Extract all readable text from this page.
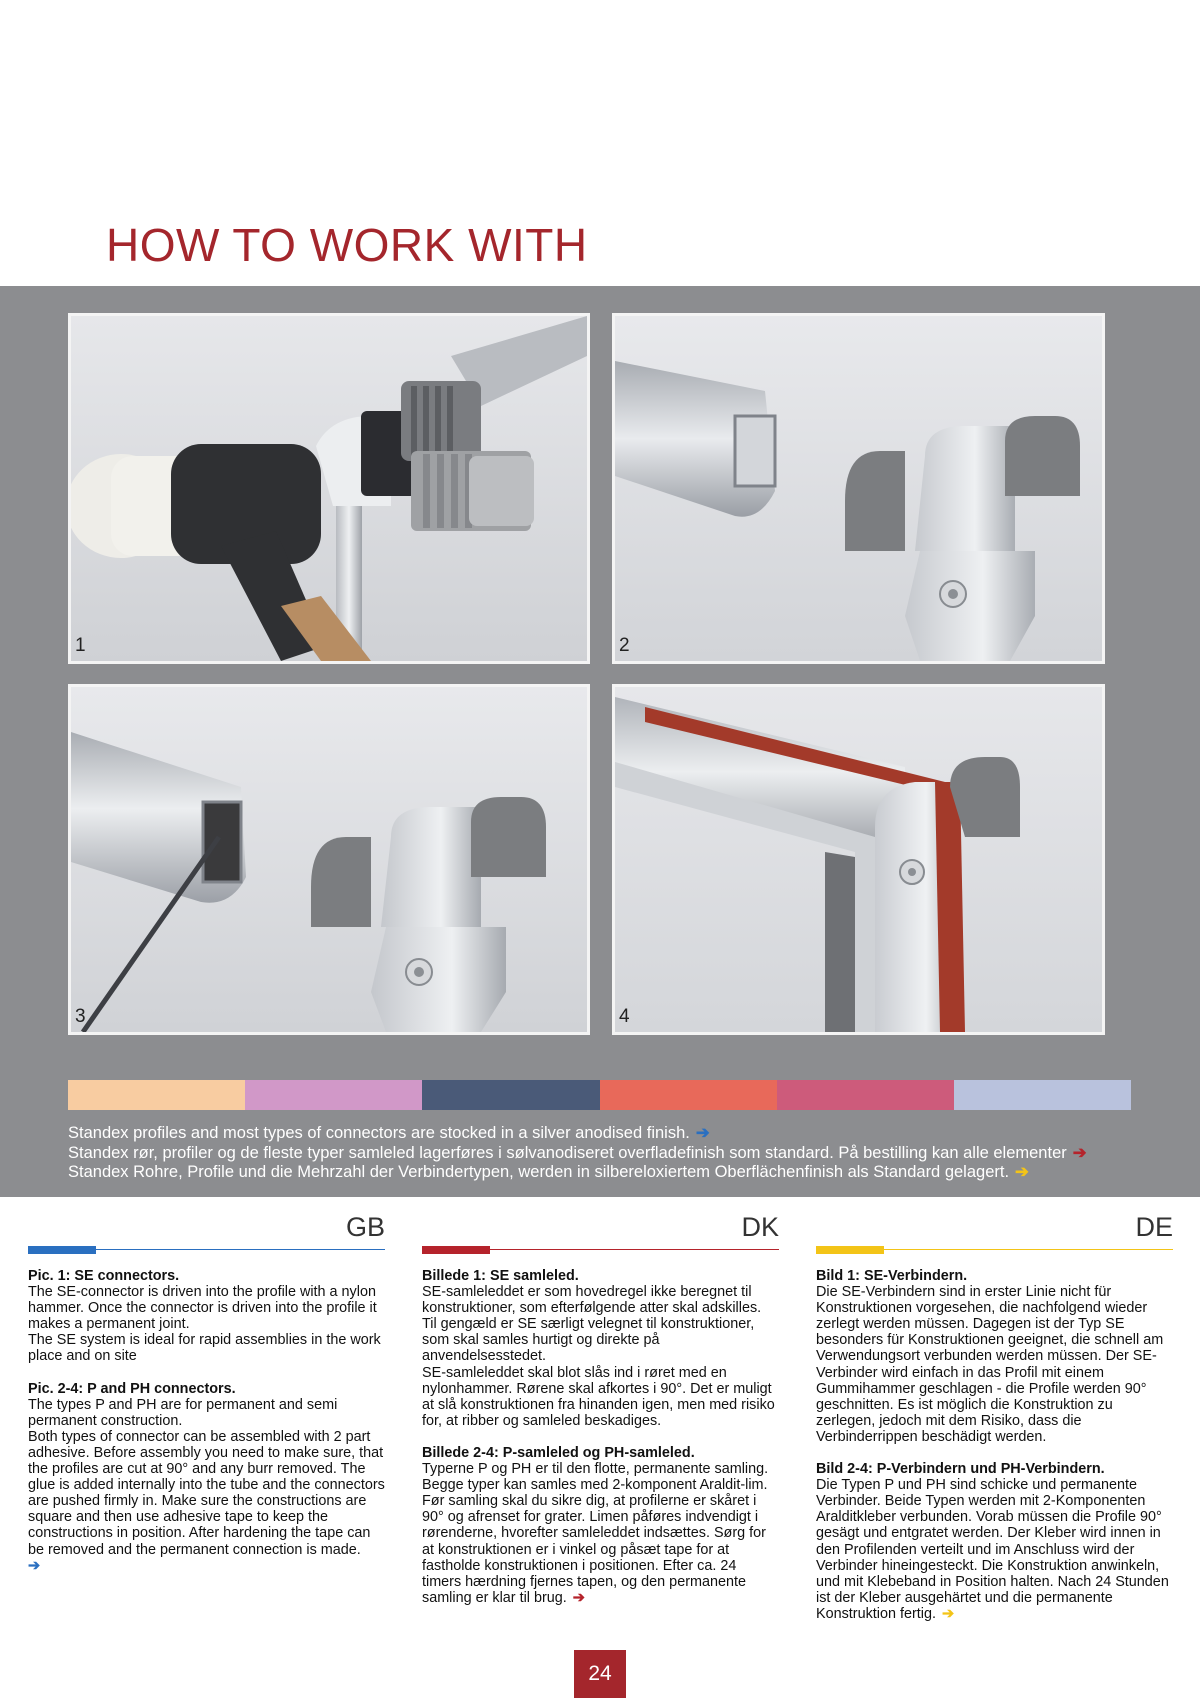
HOW TO WORK WITH
1	2
3	4
Standex profiles and most types of connectors are stocked in a silver anodised finish. ➔
Standex rør, profiler og de fleste typer samleled lagerføres i sølvanodiseret overfladefinish som standard. På bestilling kan alle elementer ➔
Standex Rohre, Profile und die Mehrzahl der Verbindertypen, werden in silbereloxiertem Oberflächenfinish als Standard gelagert. ➔
GB

Pic. 1: SE connectors.
The SE-connector is driven into the profile with a nylon hammer. Once the connector is driven into the profile it makes a permanent joint.
The SE system is ideal for rapid assemblies in the work place and on site

Pic. 2-4: P and PH connectors.
The types P and PH are for permanent and semi permanent construction.
Both types of connector can be assembled with 2 part adhesive. Before assembly you need to make sure, that the profiles are cut at 90° and any burr removed. The glue is added internally into the tube and the connectors are pushed firmly in. Make sure the constructions are square and then use adhesive tape to keep the constructions in position. After hardening the tape can be removed and the permanent connection is made.
➔

DK

Billede 1: SE samleled.
SE-samleleddet er som hovedregel ikke beregnet til konstruktioner, som efterfølgende atter skal adskilles. Til gengæld er SE særligt velegnet til konstruktioner, som skal samles hurtigt og direkte på anvendelsesstedet.
SE-samleleddet skal blot slås ind i røret med en nylonhammer. Rørene skal afkortes i 90°. Det er muligt at slå konstruktionen fra hinanden igen, men med risiko for, at ribber og samleled beskadiges.

Billede 2-4: P-samleled og PH-samleled.
Typerne P og PH er til den flotte, permanente samling. Begge typer kan samles med 2-komponent Araldit-lim. Før samling skal du sikre dig, at profilerne er skåret i 90° og afrenset for grater. Limen påføres indvendigt i rørenderne, hvorefter samleleddet indsættes. Sørg for at konstruktionen er i vinkel og påsæt tape for at fastholde konstruktionen i positionen. Efter ca. 24 timers hærdning fjernes tapen, og den permanente samling er klar til brug. ➔

DE

Bild 1: SE-Verbindern.
Die SE-Verbindern sind in erster Linie nicht für Konstruktionen vorgesehen, die nachfolgend wieder zerlegt werden müssen. Dagegen ist der Typ SE besonders für Konstruktionen geeignet, die schnell am Verwendungsort verbunden werden müssen. Der SE-Verbinder wird einfach in das Profil mit einem Gummihammer geschlagen - die Profile werden 90° geschnitten. Es ist möglich die Konstruktion zu zerlegen, jedoch mit dem Risiko, dass die Verbinderrippen beschädigt werden.

Bild 2-4: P-Verbindern und PH-Verbindern.
Die Typen P und PH sind schicke und permanente Verbinder. Beide Typen werden mit 2-Komponenten Aralditkleber verbunden. Vorab müssen die Profile 90° gesägt und entgratet werden. Der Kleber wird innen in den Profilenden verteilt und im Anschluss wird der Verbinder hineingesteckt. Die Konstruktion anwinkeln, und mit Klebeband in Position halten. Nach 24 Stunden ist der Kleber ausgehärtet und die permanente Konstruktion fertig. ➔

24
